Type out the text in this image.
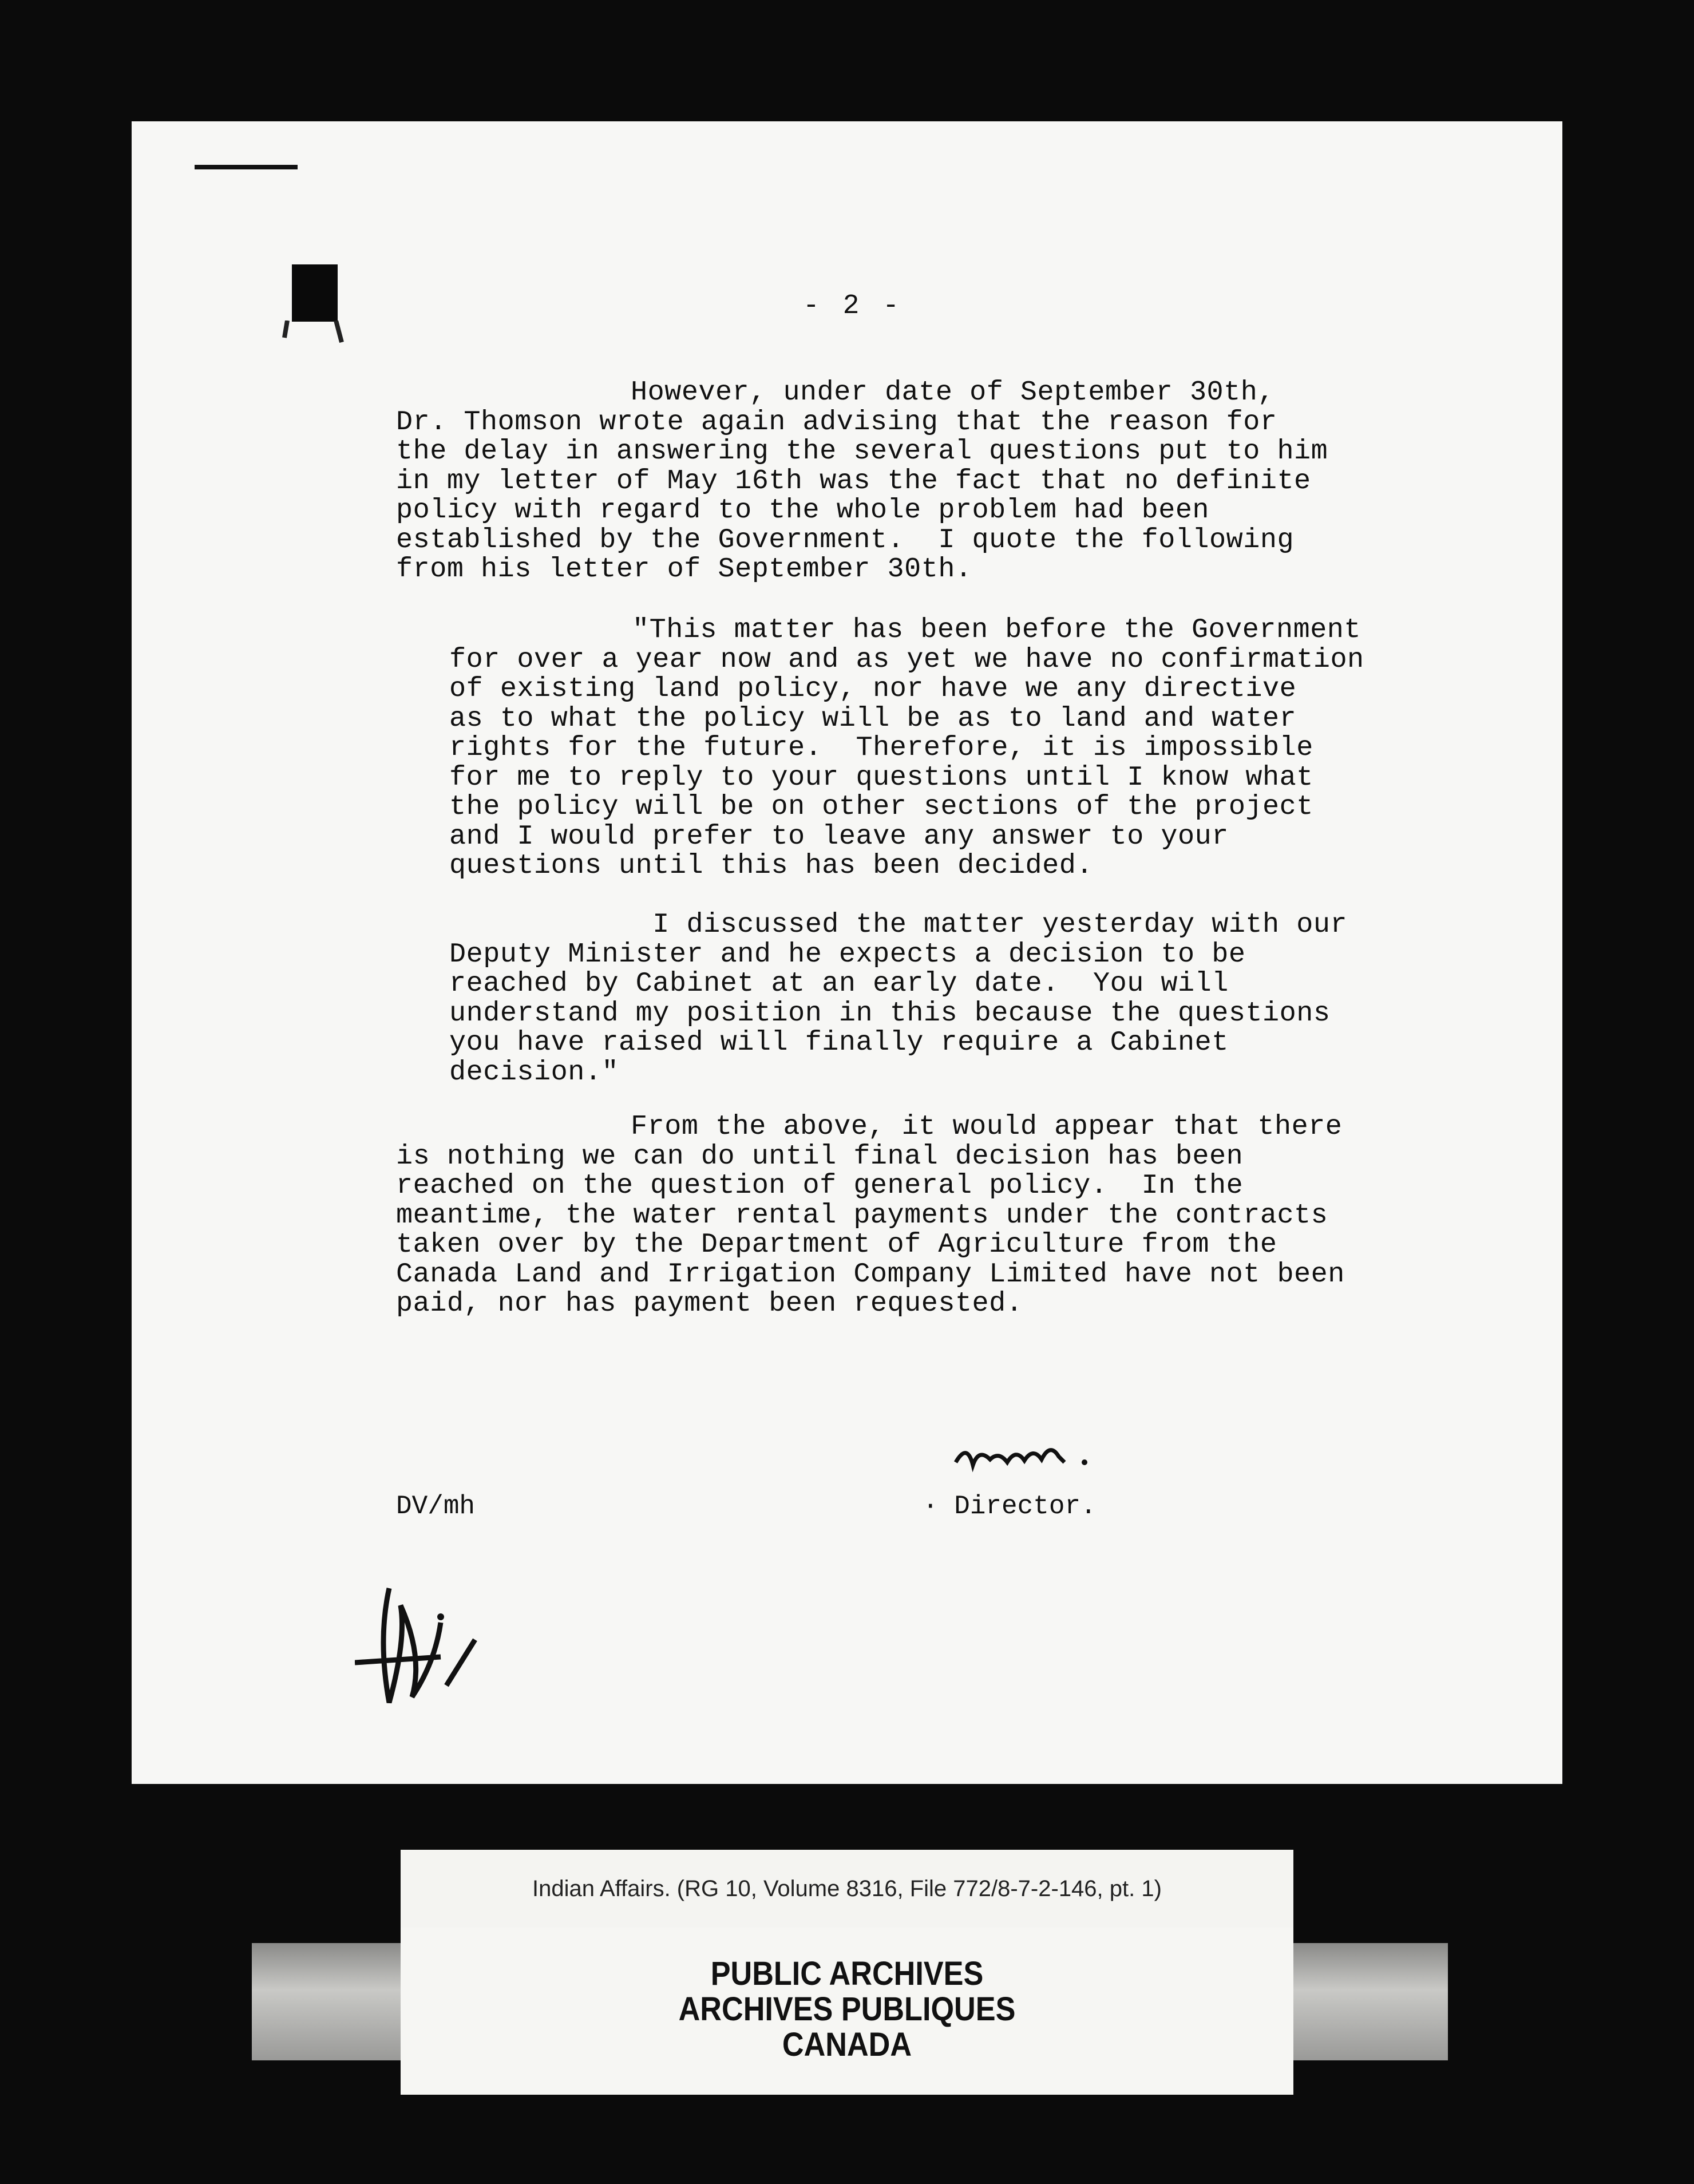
- 2 -
However, under date of September 30th,
Dr. Thomson wrote again advising that the reason for
the delay in answering the several questions put to him
in my letter of May 16th was the fact that no definite
policy with regard to the whole problem had been
established by the Government.  I quote the following
from his letter of September 30th.
"This matter has been before the Government
for over a year now and as yet we have no confirmation
of existing land policy, nor have we any directive
as to what the policy will be as to land and water
rights for the future.  Therefore, it is impossible
for me to reply to your questions until I know what
the policy will be on other sections of the project
and I would prefer to leave any answer to your
questions until this has been decided.

I discussed the matter yesterday with our
Deputy Minister and he expects a decision to be
reached by Cabinet at an early date.  You will
understand my position in this because the questions
you have raised will finally require a Cabinet
decision."
From the above, it would appear that there
is nothing we can do until final decision has been
reached on the question of general policy.  In the
meantime, the water rental payments under the contracts
taken over by the Department of Agriculture from the
Canada Land and Irrigation Company Limited have not been
paid, nor has payment been requested.
DV/mh	· Director.
Indian Affairs. (RG 10, Volume 8316, File 772/8-7-2-146, pt. 1)
PUBLIC ARCHIVES
ARCHIVES PUBLIQUES
CANADA
